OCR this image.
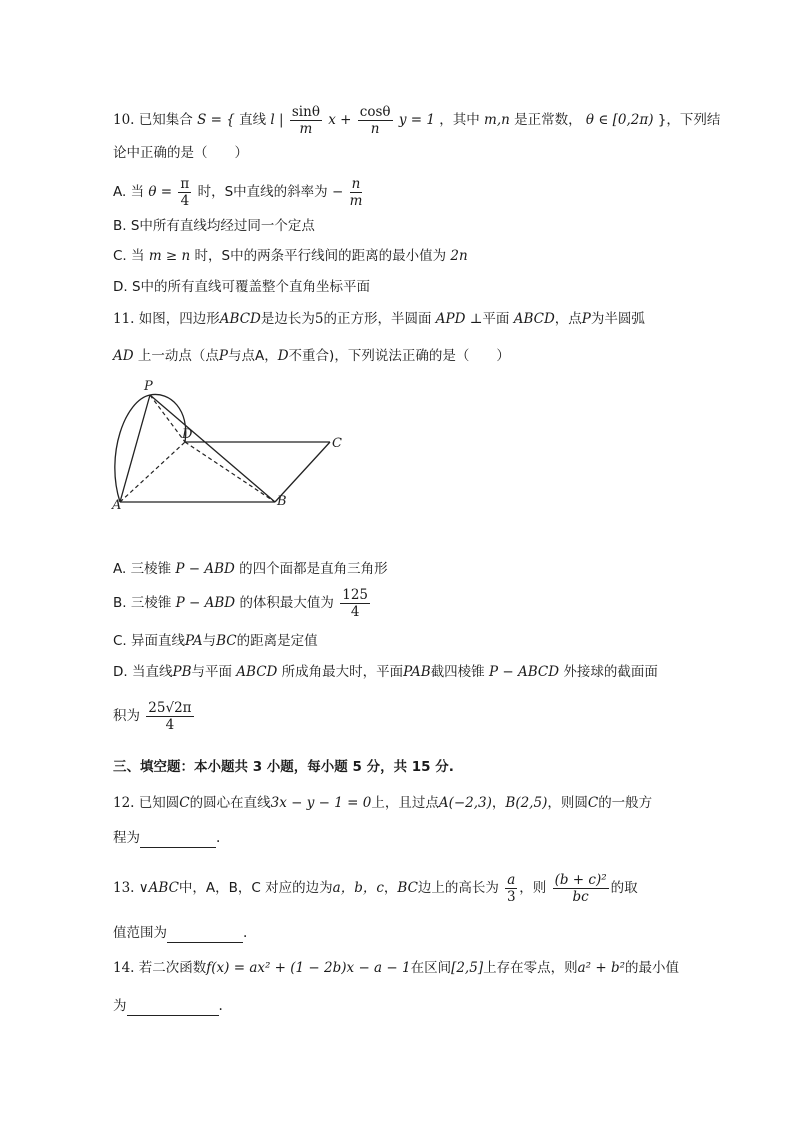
10. 已知集合 S = { 直线 l | $\frac{\sin\theta}{m}$ $x + \frac{\cos\theta}{n}$ y = 1 ，其中 m,n 是正常数， θ ∈ [0,2π) }，下列结
论中正确的是（　　）
A. 当 $\theta = \frac{\pi}{4}$ 时，S中直线的斜率为 − $\frac{n}{m}$
B. S中所有直线均经过同一个定点
C. 当 m ≥ n 时，S中的两条平行线间的距离的最小值为 2n
D. S中的所有直线可覆盖整个直角坐标平面
11. 如图，四边形ABCD是边长为5的正方形，半圆面 APD ⊥平面 ABCD，点P为半圆弧
AD 上一动点（点P与点A，D不重合)，下列说法正确的是（　　）
P
D
C
A	B
A. 三棱锥 P − ABD 的四个面都是直角三角形
B. 三棱锥 P − ABD 的体积最大值为 $\frac{125}{4}$
C. 异面直线PA与BC的距离是定值
D. 当直线PB与平面 ABCD 所成角最大时，平面PAB截四棱锥 P − ABCD 外接球的截面面
积为 $\frac{25√2\pi}{4}$
三、填空题：本小题共 3 小题，每小题 5 分，共 15 分.
12. 已知圆C的圆心在直线3x − y − 1 = 0上，且过点A(−2,3)，B(2,5)，则圆C的一般方
程为	.
13. ∨ABC中，A，B，C 对应的边为a，b，c，BC边上的高长为 $\frac{a}{3}$ ，则 $\frac{\text{(b + c)²}}{bc}$ 的取
值范围为	.
14. 若二次函数f(x) = ax² + (1 − 2b)x − a − 1在区间[2,5]上存在零点，则a² + b²的最小值
为	.
